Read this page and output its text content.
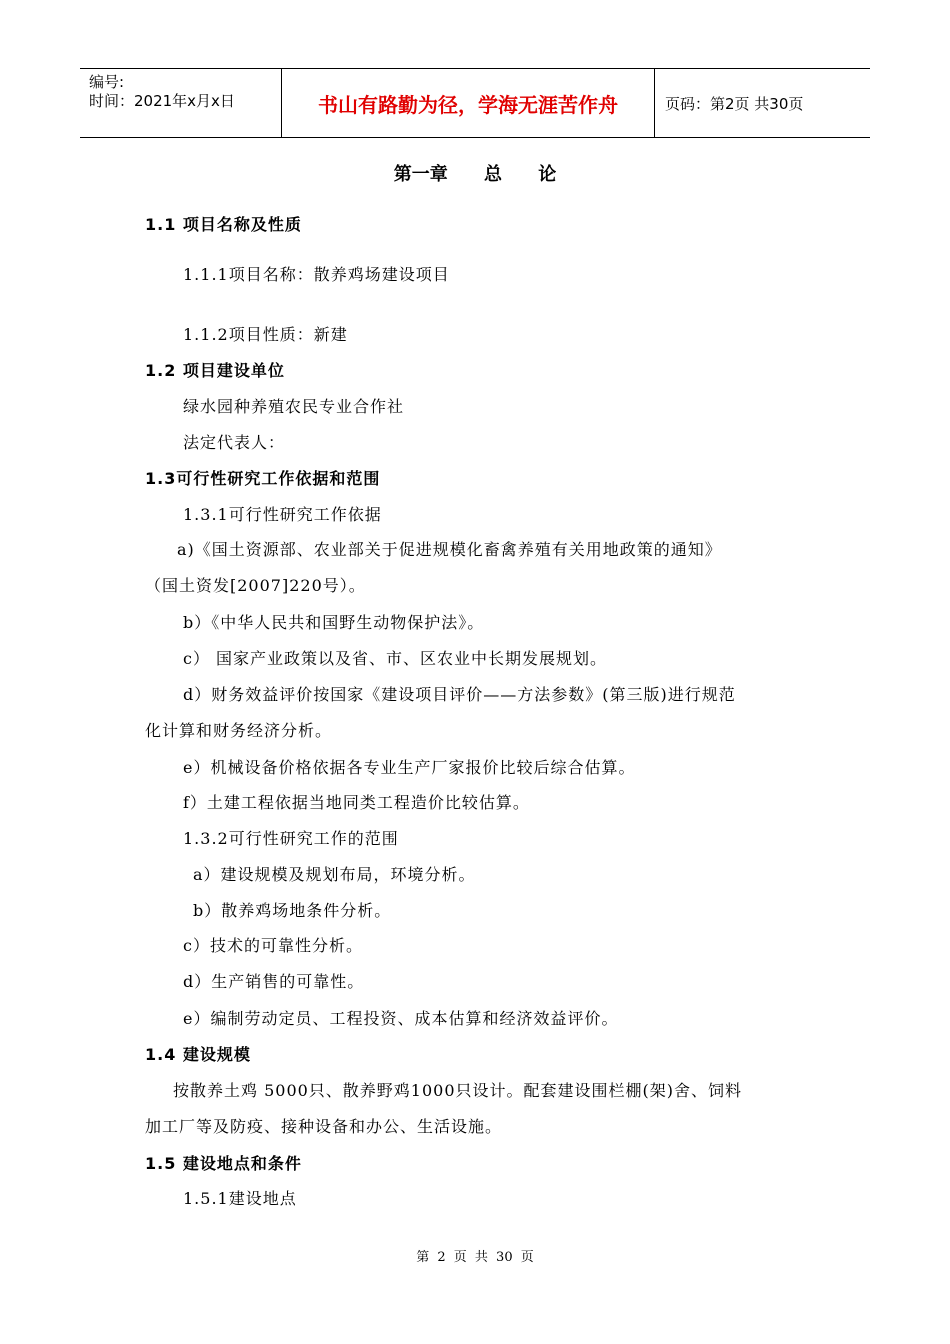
编号:
时间：2021年x月x日	书山有路勤为径，学海无涯苦作舟	页码：第2页 共30页
第一章 总 论
1.1 项目名称及性质
1.1.1项目名称：散养鸡场建设项目
1.1.2项目性质：新建
1.2 项目建设单位
绿水园种养殖农民专业合作社
法定代表人：
1.3可行性研究工作依据和范围
1.3.1可行性研究工作依据
a)《国土资源部、农业部关于促进规模化畜禽养殖有关用地政策的通知》
（国土资发[2007]220号）。
b）《中华人民共和国野生动物保护法》。
c） 国家产业政策以及省、市、区农业中长期发展规划。
d）财务效益评价按国家《建设项目评价——方法参数》(第三版)进行规范
化计算和财务经济分析。
e）机械设备价格依据各专业生产厂家报价比较后综合估算。
f）土建工程依据当地同类工程造价比较估算。
1.3.2可行性研究工作的范围
a）建设规模及规划布局，环境分析。
b）散养鸡场地条件分析。
c）技术的可靠性分析。
d）生产销售的可靠性。
e）编制劳动定员、工程投资、成本估算和经济效益评价。
1.4 建设规模
按散养土鸡 5000只、散养野鸡1000只设计。配套建设围栏棚(架)舍、饲料
加工厂等及防疫、接种设备和办公、生活设施。
1.5 建设地点和条件
1.5.1建设地点
第 2 页 共 30 页
